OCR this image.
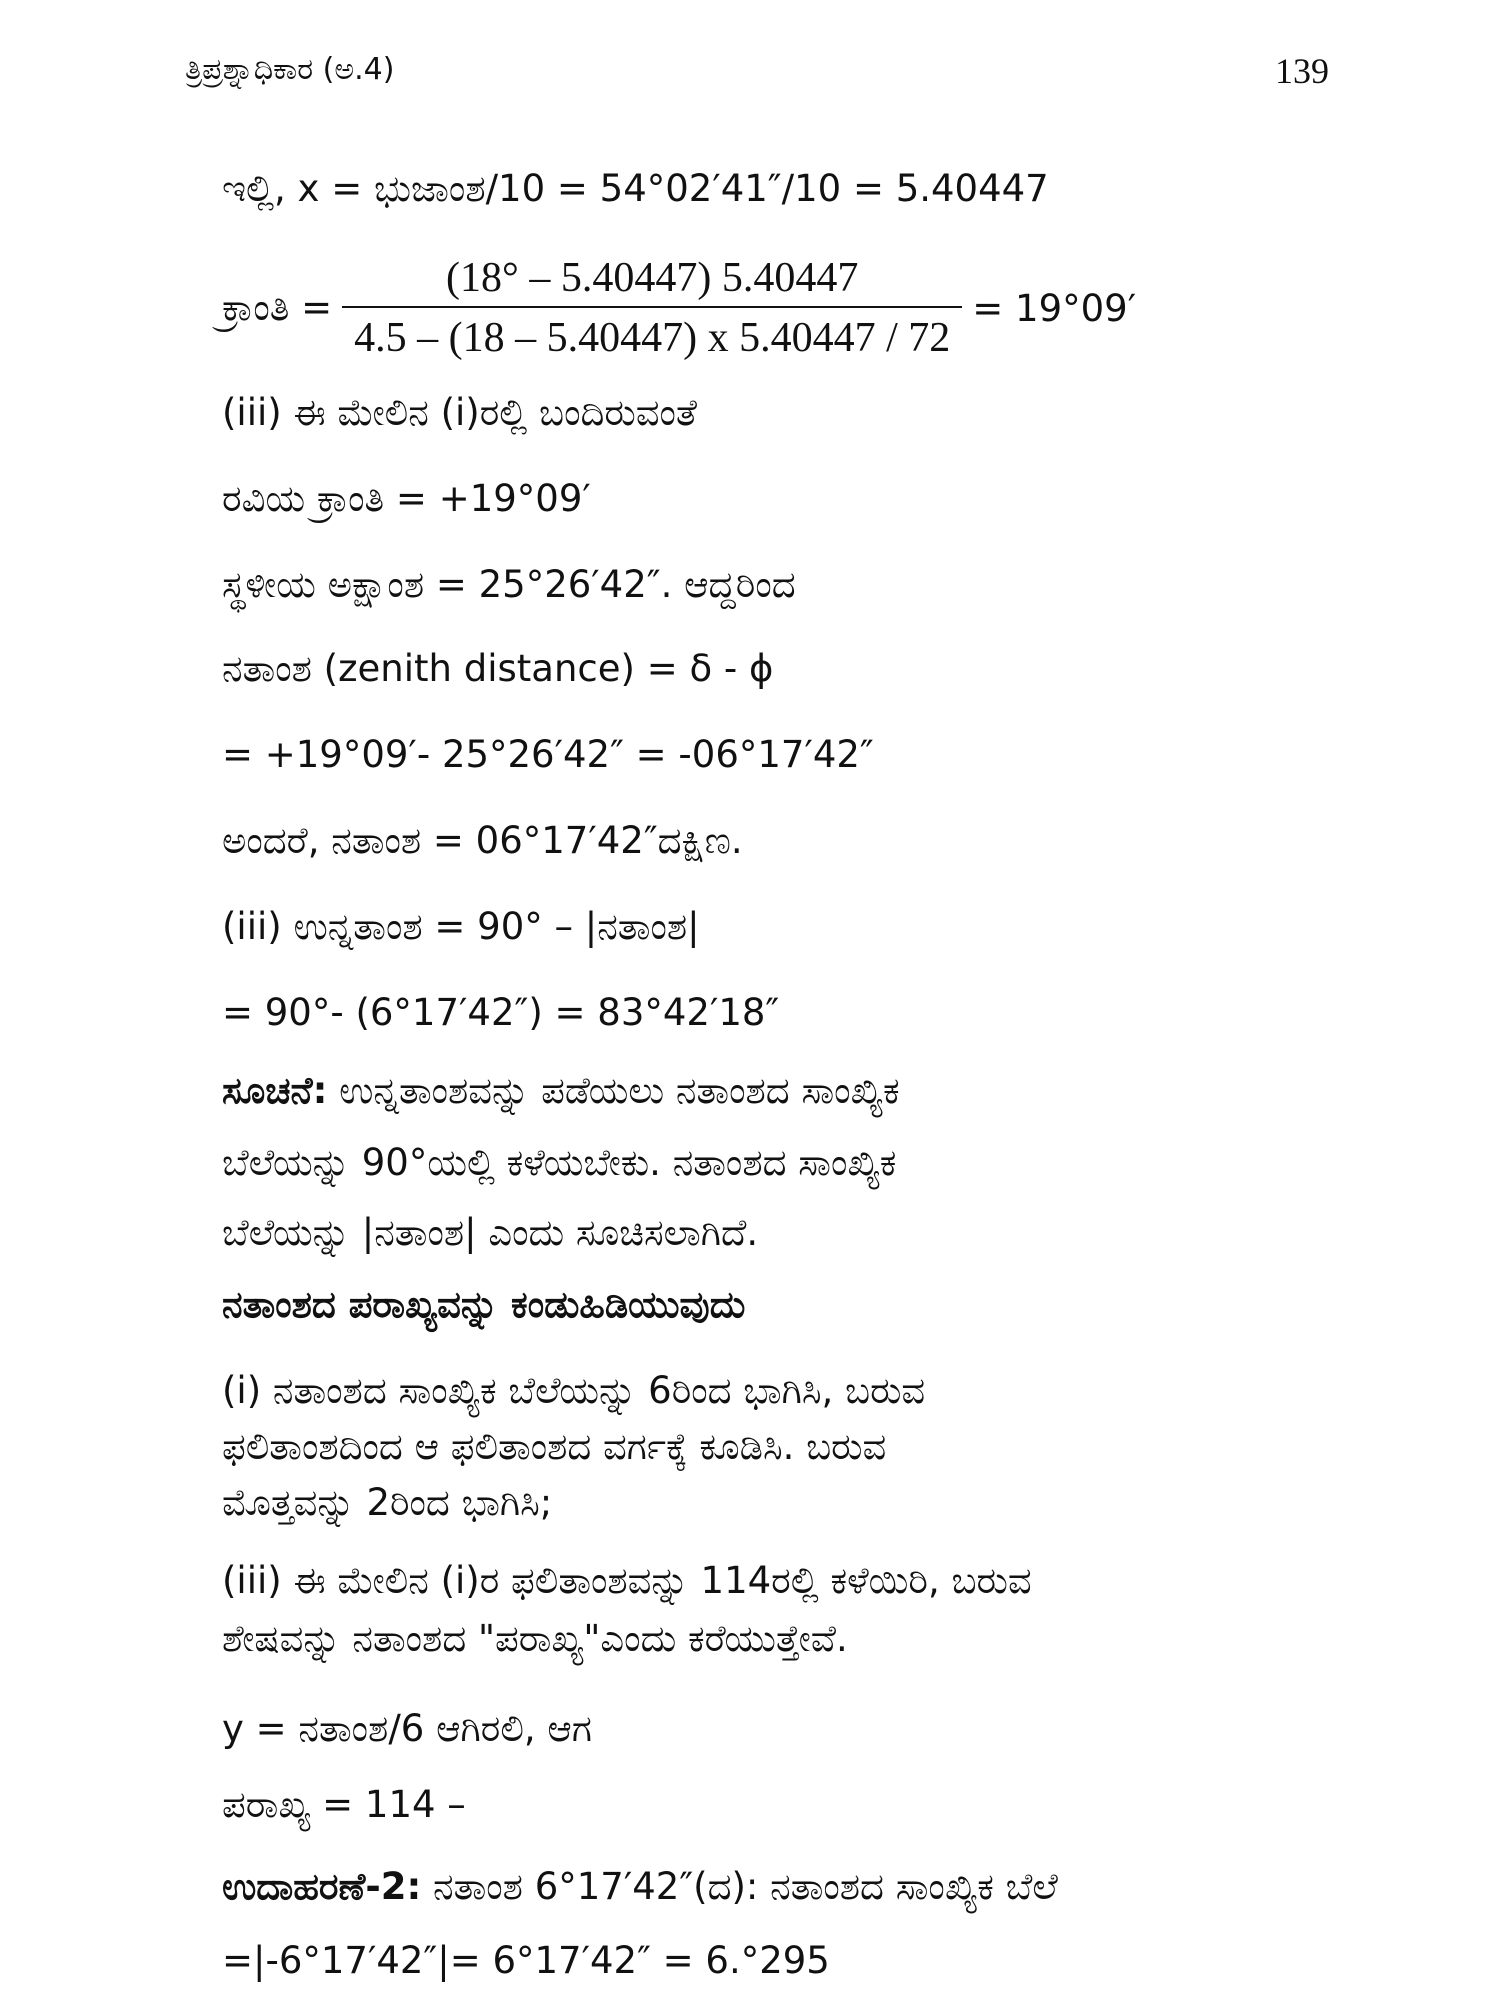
ತ್ರಿಪ್ರಶ್ನಾಧಿಕಾರ (ಅ.4)	139
ಇಲ್ಲಿ, x = ಭುಜಾಂಶ/10 = 54°02′41″/10 = 5.40447
ಕ್ರಾಂತಿ = $\frac{(18^\circ - 5.40447) 5.40447}{4.5 - (18 - 5.40447) x 5.40447 / 72} = 19^\circ 09'$
(iii) ಈ ಮೇಲಿನ (i)ರಲ್ಲಿ ಬಂದಿರುವಂತೆ
ರವಿಯ ಕ್ರಾಂತಿ = +19°09′
ಸ್ಥಳೀಯ ಅಕ್ಷಾಂಶ = 25°26′42″. ಆದ್ದರಿಂದ
ನತಾಂಶ (zenith distance) = δ - ϕ
= +19°09′- 25°26′42″ = -06°17′42″
ಅಂದರೆ, ನತಾಂಶ = 06°17′42″ದಕ್ಷಿಣ.
(iii) ಉನ್ನತಾಂಶ = 90° – |ನತಾಂಶ|
= 90°- (6°17′42″) = 83°42′18″
ಸೂಚನೆ: ಉನ್ನತಾಂಶವನ್ನು ಪಡೆಯಲು ನತಾಂಶದ ಸಾಂಖ್ಯಿಕ
ಬೆಲೆಯನ್ನು 90°ಯಲ್ಲಿ ಕಳೆಯಬೇಕು. ನತಾಂಶದ ಸಾಂಖ್ಯಿಕ
ಬೆಲೆಯನ್ನು |ನತಾಂಶ| ಎಂದು ಸೂಚಿಸಲಾಗಿದೆ.
ನತಾಂಶದ ಪರಾಖ್ಯವನ್ನು ಕಂಡುಹಿಡಿಯುವುದು
(i) ನತಾಂಶದ ಸಾಂಖ್ಯಿಕ ಬೆಲೆಯನ್ನು 6ರಿಂದ ಭಾಗಿಸಿ, ಬರುವ
ಫಲಿತಾಂಶದಿಂದ ಆ ಫಲಿತಾಂಶದ ವರ್ಗಕ್ಕೆ ಕೂಡಿಸಿ. ಬರುವ
ಮೊತ್ತವನ್ನು 2ರಿಂದ ಭಾಗಿಸಿ;
(iii) ಈ ಮೇಲಿನ (i)ರ ಫಲಿತಾಂಶವನ್ನು 114ರಲ್ಲಿ ಕಳೆಯಿರಿ, ಬರುವ
ಶೇಷವನ್ನು ನತಾಂಶದ "ಪರಾಖ್ಯ"ಎಂದು ಕರೆಯುತ್ತೇವೆ.
y = ನತಾಂಶ/6 ಆಗಿರಲಿ, ಆಗ
ಪರಾಖ್ಯ = 114 –
ಉದಾಹರಣೆ-2: ನತಾಂಶ 6°17′42″(ದ): ನತಾಂಶದ ಸಾಂಖ್ಯಿಕ ಬೆಲೆ
=|-6°17′42″|= 6°17′42″ = 6.°295
